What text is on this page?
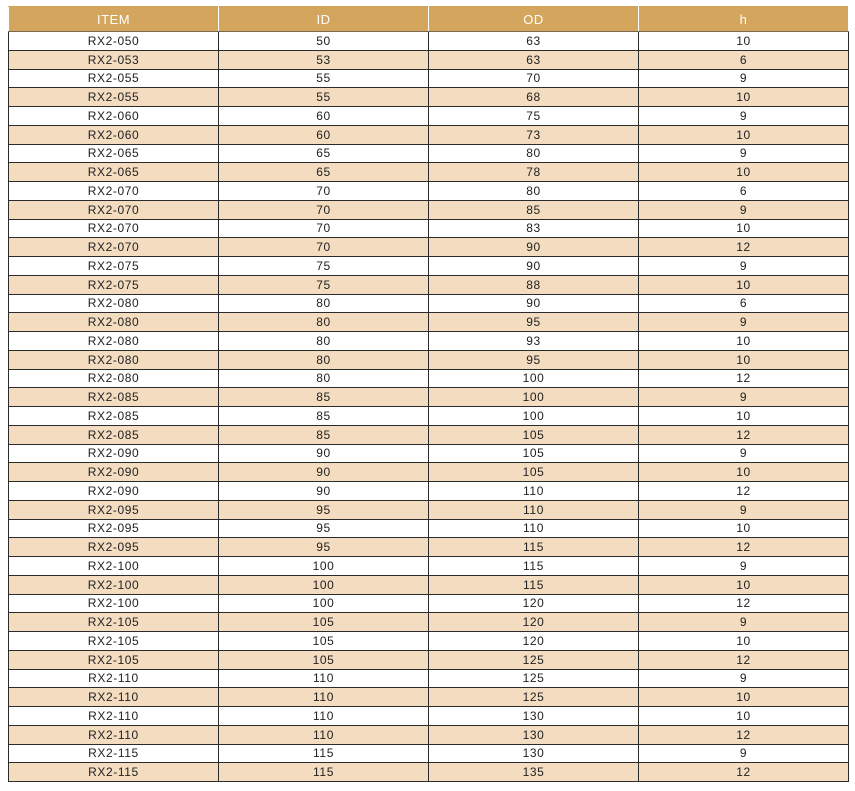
ITEM	ID	OD	h
RX2-050	50	63	10
RX2-053	53	63	6
RX2-055	55	70	9
RX2-055	55	68	10
RX2-060	60	75	9
RX2-060	60	73	10
RX2-065	65	80	9
RX2-065	65	78	10
RX2-070	70	80	6
RX2-070	70	85	9
RX2-070	70	83	10
RX2-070	70	90	12
RX2-075	75	90	9
RX2-075	75	88	10
RX2-080	80	90	6
RX2-080	80	95	9
RX2-080	80	93	10
RX2-080	80	95	10
RX2-080	80	100	12
RX2-085	85	100	9
RX2-085	85	100	10
RX2-085	85	105	12
RX2-090	90	105	9
RX2-090	90	105	10
RX2-090	90	110	12
RX2-095	95	110	9
RX2-095	95	110	10
RX2-095	95	115	12
RX2-100	100	115	9
RX2-100	100	115	10
RX2-100	100	120	12
RX2-105	105	120	9
RX2-105	105	120	10
RX2-105	105	125	12
RX2-110	110	125	9
RX2-110	110	125	10
RX2-110	110	130	10
RX2-110	110	130	12
RX2-115	115	130	9
RX2-115	115	135	12
